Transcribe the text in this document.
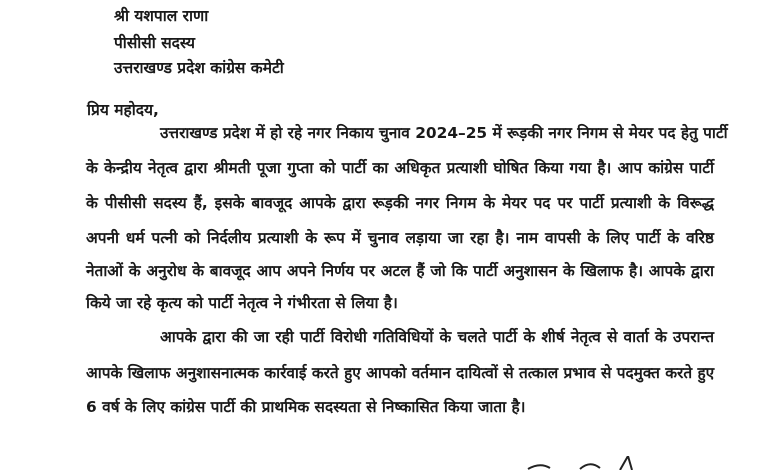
श्री यशपाल राणा
पीसीसी सदस्य
उत्तराखण्ड प्रदेश कांग्रेस कमेटी
प्रिय महोदय,
उत्तराखण्ड प्रदेश में हो रहे नगर निकाय चुनाव 2024–25 में रूड़की नगर निगम से मेयर पद हेतु पार्टी
के केन्द्रीय नेतृत्व द्वारा श्रीमती पूजा गुप्ता को पार्टी का अधिकृत प्रत्याशी घोषित किया गया है। आप कांग्रेस पार्टी
के पीसीसी सदस्य हैं, इसके बावजूद आपके द्वारा रूड़की नगर निगम के मेयर पद पर पार्टी प्रत्याशी के विरूद्ध
अपनी धर्म पत्नी को निर्दलीय प्रत्याशी के रूप में चुनाव लड़ाया जा रहा है। नाम वापसी के लिए पार्टी के वरिष्ठ
नेताओं के अनुरोध के बावजूद आप अपने निर्णय पर अटल हैं जो कि पार्टी अनुशासन के खिलाफ है। आपके द्वारा
किये जा रहे कृत्य को पार्टी नेतृत्व ने गंभीरता से लिया है।
आपके द्वारा की जा रही पार्टी विरोधी गतिविधियों के चलते पार्टी के शीर्ष नेतृत्व से वार्ता के उपरान्त
आपके खिलाफ अनुशासनात्मक कार्रवाई करते हुए आपको वर्तमान दायित्वों से तत्काल प्रभाव से पदमुक्त करते हुए
6 वर्ष के लिए कांग्रेस पार्टी की प्राथमिक सदस्यता से निष्कासित किया जाता है।
